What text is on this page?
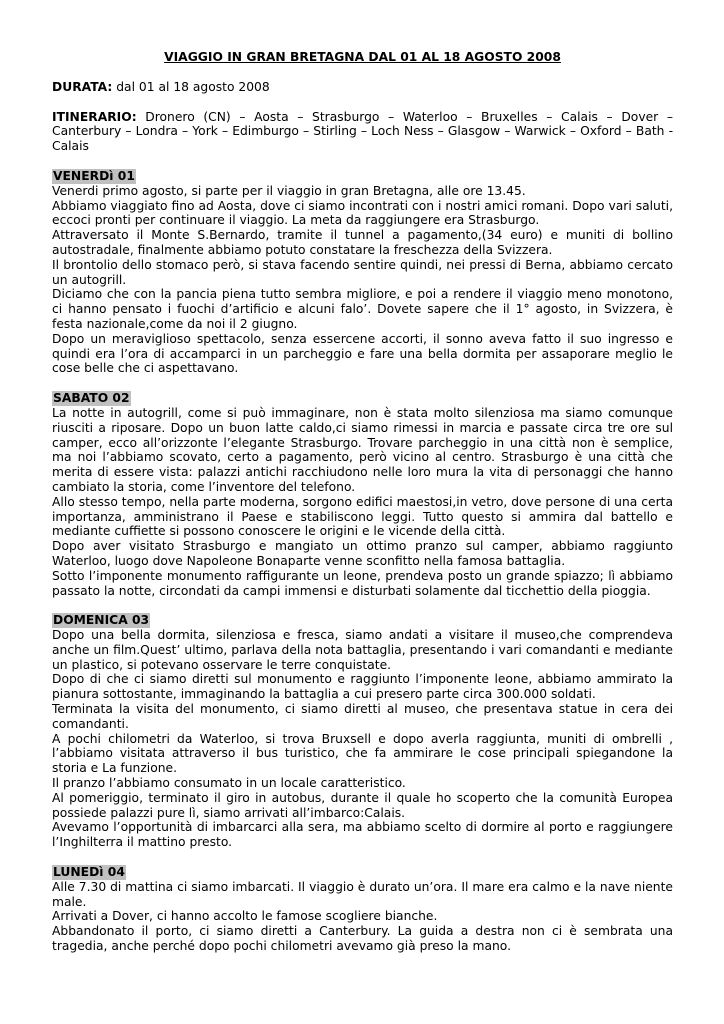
VIAGGIO IN GRAN BRETAGNA DAL 01 AL 18 AGOSTO 2008

DURATA: dal 01 al 18 agosto 2008

ITINERARIO: Dronero (CN) – Aosta – Strasburgo – Waterloo – Bruxelles – Calais – Dover – Canterbury – Londra – York – Edimburgo – Stirling – Loch Ness – Glasgow – Warwick – Oxford – Bath - Calais

VENERDì 01

Venerdi primo agosto, si parte per il viaggio in gran Bretagna, alle ore 13.45.

Abbiamo viaggiato fino ad Aosta, dove ci siamo incontrati con i nostri amici romani. Dopo vari saluti, eccoci pronti per continuare il viaggio. La meta da raggiungere era Strasburgo.

Attraversato il Monte S.Bernardo, tramite il tunnel a pagamento,(34 euro) e muniti di bollino autostradale, finalmente abbiamo potuto constatare la freschezza della Svizzera.

Il brontolio dello stomaco però, si stava facendo sentire quindi, nei pressi di Berna, abbiamo cercato un autogrill.

Diciamo che con la pancia piena tutto sembra migliore, e poi a rendere il viaggio meno monotono, ci hanno pensato i fuochi d’artificio e alcuni falo’. Dovete sapere che il 1° agosto, in Svizzera, è festa nazionale,come da noi il 2 giugno.

Dopo un meraviglioso spettacolo, senza essercene accorti, il sonno aveva fatto il suo ingresso e quindi era l’ora di accamparci in un parcheggio e fare una bella dormita per assaporare meglio le cose belle che ci aspettavano.

SABATO 02

La notte in autogrill, come si può immaginare, non è stata molto silenziosa ma siamo comunque riusciti a riposare. Dopo un buon latte caldo,ci siamo rimessi in marcia e passate circa tre ore sul camper, ecco all’orizzonte l’elegante Strasburgo. Trovare parcheggio in una città non è semplice, ma noi l’abbiamo scovato, certo a pagamento, però vicino al centro. Strasburgo è una città che merita di essere vista: palazzi antichi racchiudono nelle loro mura la vita di personaggi che hanno cambiato la storia, come l’inventore del telefono.

Allo stesso tempo, nella parte moderna, sorgono edifici maestosi,in vetro, dove persone di una certa importanza, amministrano il Paese e stabiliscono leggi. Tutto questo si ammira dal battello e mediante cuffiette si possono conoscere le origini e le vicende della città.

Dopo aver visitato Strasburgo e mangiato un ottimo pranzo sul camper, abbiamo raggiunto Waterloo, luogo dove Napoleone Bonaparte venne sconfitto nella famosa battaglia.

Sotto l’imponente monumento raffigurante un leone, prendeva posto un grande spiazzo; lì abbiamo passato la notte, circondati da campi immensi e disturbati solamente dal ticchettio della pioggia.

DOMENICA 03

Dopo una bella dormita, silenziosa e fresca, siamo andati a visitare il museo,che comprendeva anche un film.Quest’ ultimo, parlava della nota battaglia, presentando i vari comandanti e mediante un plastico, si potevano osservare le terre conquistate.

Dopo di che ci siamo diretti sul monumento e raggiunto l’imponente leone, abbiamo ammirato la pianura sottostante, immaginando la battaglia a cui presero parte circa 300.000 soldati.

Terminata la visita del monumento, ci siamo diretti al museo, che presentava statue in cera dei comandanti.

A pochi chilometri da Waterloo, si trova Bruxsell e dopo averla raggiunta, muniti di ombrelli , l’abbiamo visitata attraverso il bus turistico, che fa ammirare le cose principali spiegandone la storia e La funzione.

Il pranzo l’abbiamo consumato in un locale caratteristico.

Al pomeriggio, terminato il giro in autobus, durante il quale ho scoperto che la comunità Europea possiede palazzi pure lì, siamo arrivati all’imbarco:Calais.

Avevamo l’opportunità di imbarcarci alla sera, ma abbiamo scelto di dormire al porto e raggiungere l’Inghilterra il mattino presto.

LUNEDì 04

Alle 7.30 di mattina ci siamo imbarcati. Il viaggio è durato un’ora. Il mare era calmo e la nave niente male.

Arrivati a Dover, ci hanno accolto le famose scogliere bianche.

Abbandonato il porto, ci siamo diretti a Canterbury. La guida a destra non ci è sembrata una tragedia, anche perché dopo pochi chilometri avevamo già preso la mano.
